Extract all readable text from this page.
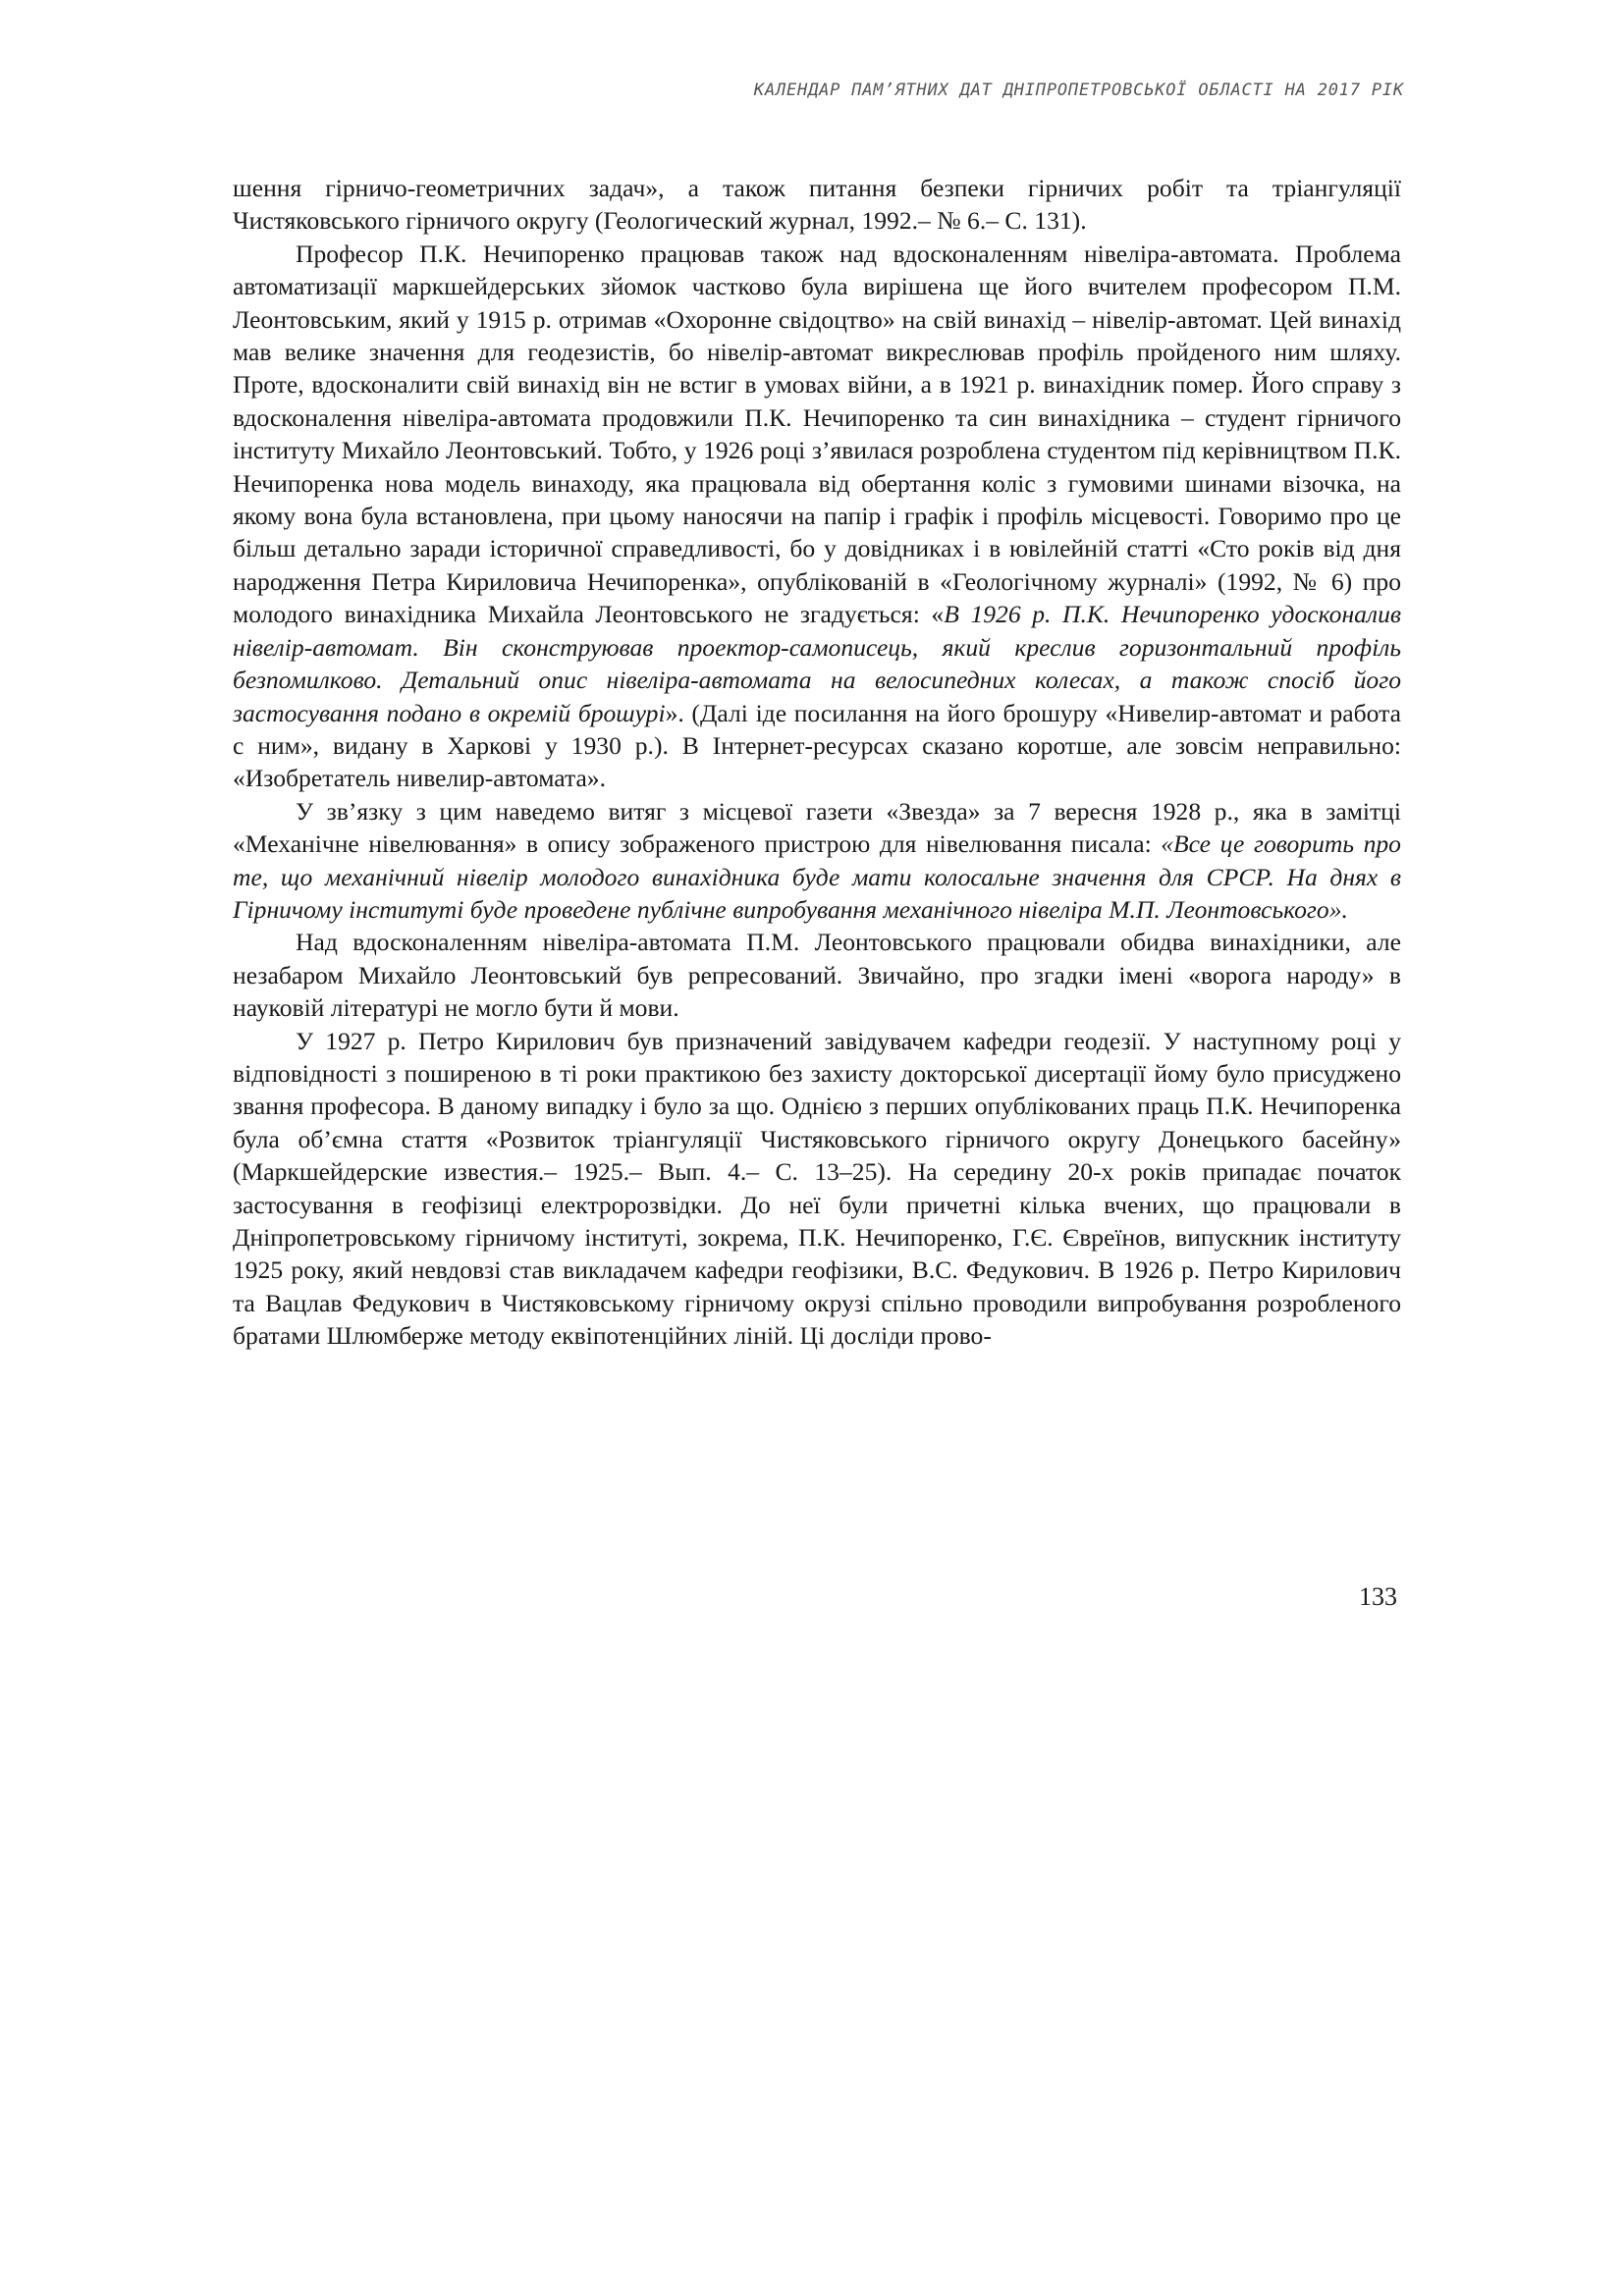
КАЛЕНДАР ПАМ’ЯТНИХ ДАТ ДНІПРОПЕТРОВСЬКОЇ ОБЛАСТІ НА 2017 РІК

шення гірничо-геометричних задач», а також питання безпеки гірничих робіт та тріангуляції Чистяковського гірничого округу (Геологический журнал, 1992.– № 6.– С. 131).

Професор П.К. Нечипоренко працював також над вдосконаленням нівеліра-автомата. Проблема автоматизації маркшейдерських зйомок частково була вирішена ще його вчителем професором П.М. Леонтовським, який у 1915 р. отримав «Охоронне свідоцтво» на свій винахід – нівелір-автомат. Цей винахід мав велике значення для геодезистів, бо нівелір-автомат викреслював профіль пройденого ним шляху. Проте, вдосконалити свій винахід він не встиг в умовах війни, а в 1921 р. винахідник помер. Його справу з вдосконалення нівеліра-автомата продовжили П.К. Нечипоренко та син винахідника – студент гірничого інституту Михайло Леонтовський. Тобто, у 1926 році з’явилася розроблена студентом під керівництвом П.К. Нечипоренка нова модель винаходу, яка працювала від обертання коліс з гумовими шинами візочка, на якому вона була встановлена, при цьому наносячи на папір і графік і профіль місцевості. Говоримо про це більш детально заради історичної справедливості, бо у довідниках і в ювілейній статті «Сто років від дня народження Петра Кириловича Нечипоренка», опублікованій в «Геологічному журналі» (1992, № 6) про молодого винахідника Михайла Леонтовського не згадується: «В 1926 р. П.К. Нечипоренко удосконалив нівелір-автомат. Він сконструював проектор-самописець, який креслив горизонтальний профіль безпомилково. Детальний опис нівеліра-автомата на велосипедних колесах, а також спосіб його застосування подано в окремій брошурі». (Далі іде посилання на його брошуру «Нивелир-автомат и работа с ним», видану в Харкові у 1930 р.). В Інтернет-ресурсах сказано коротше, але зовсім неправильно: «Изобретатель нивелир-автомата».

У зв’язку з цим наведемо витяг з місцевої газети «Звезда» за 7 вересня 1928 р., яка в замітці «Механічне нівелювання» в опису зображеного пристрою для нівелювання писала: «Все це говорить про те, що механічний нівелір молодого винахідника буде мати колосальне значення для СРСР. На днях в Гірничому інституті буде проведене публічне випробування механічного нівеліра М.П. Леонтовського».

Над вдосконаленням нівеліра-автомата П.М. Леонтовського працювали обидва винахідники, але незабаром Михайло Леонтовський був репресований. Звичайно, про згадки імені «ворога народу» в науковій літературі не могло бути й мови.

У 1927 р. Петро Кирилович був призначений завідувачем кафедри геодезії. У наступному році у відповідності з поширеною в ті роки практикою без захисту докторської дисертації йому було присуджено звання професора. В даному випадку і було за що. Однією з перших опублікованих праць П.К. Нечипоренка була об’ємна стаття «Розвиток тріангуляції Чистяковського гірничого округу Донецького басейну» (Маркшейдерские известия.– 1925.– Вып. 4.– С. 13–25). На середину 20-х років припадає початок застосування в геофізиці електророзвідки. До неї були причетні кілька вчених, що працювали в Дніпропетровському гірничому інституті, зокрема, П.К. Нечипоренко, Г.Є. Євреїнов, випускник інституту 1925 року, який невдовзі став викладачем кафедри геофізики, В.С. Федукович. В 1926 р. Петро Кирилович та Вацлав Федукович в Чистяковському гірничому окрузі спільно проводили випробування розробленого братами Шлюмберже методу еквіпотенційних ліній. Ці досліди прово-

133
